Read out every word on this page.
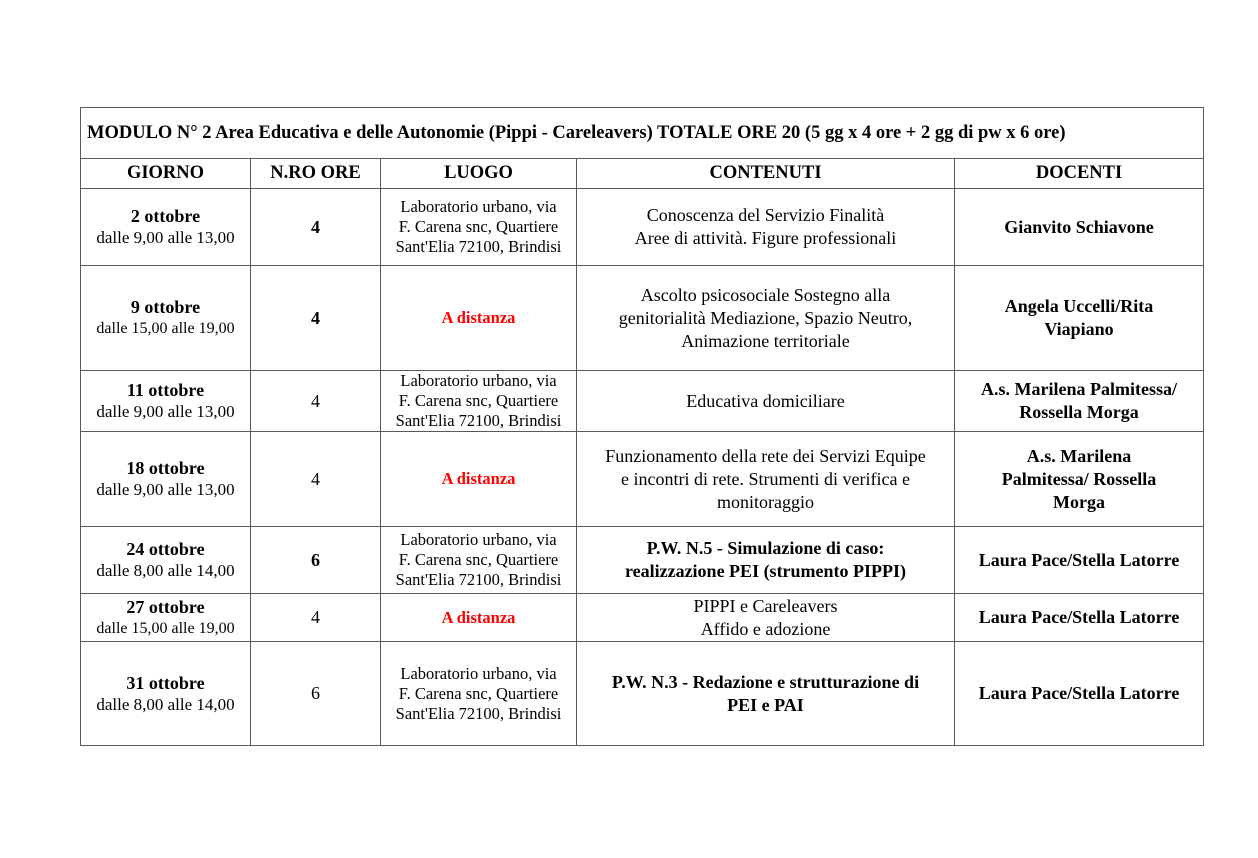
MODULO N° 2 Area Educativa e delle Autonomie (Pippi - Careleavers) TOTALE ORE 20 (5 gg x 4 ore + 2 gg di pw x 6 ore)				
GIORNO	N.RO ORE	LUOGO	CONTENUTI	DOCENTI

2 ottobre
dalle 9,00 alle 13,00	4	Laboratorio urbano, via
F. Carena snc, Quartiere
Sant'Elia 72100, Brindisi	Conoscenza del Servizio Finalità
Aree di attività. Figure professionali	Gianvito Schiavone

9 ottobre
dalle 15,00 alle 19,00	4	A distanza	Ascolto psicosociale Sostegno alla
genitorialità Mediazione, Spazio Neutro,
Animazione territoriale	Angela Uccelli/Rita
Viapiano

11 ottobre
dalle 9,00 alle 13,00	4	Laboratorio urbano, via
F. Carena snc, Quartiere
Sant'Elia 72100, Brindisi	Educativa domiciliare	A.s. Marilena Palmitessa/
Rossella Morga

18 ottobre
dalle 9,00 alle 13,00	4	A distanza	Funzionamento della rete dei Servizi Equipe
e incontri di rete. Strumenti di verifica e
monitoraggio	A.s. Marilena
Palmitessa/ Rossella
Morga

24 ottobre
dalle 8,00 alle 14,00	6	Laboratorio urbano, via
F. Carena snc, Quartiere
Sant'Elia 72100, Brindisi	P.W. N.5 - Simulazione di caso:
realizzazione PEI (strumento PIPPI)	Laura Pace/Stella Latorre

27 ottobre
dalle 15,00 alle 19,00	4	A distanza	PIPPI e Careleavers
Affido e adozione	Laura Pace/Stella Latorre

31 ottobre
dalle 8,00 alle 14,00	6	Laboratorio urbano, via
F. Carena snc, Quartiere
Sant'Elia 72100, Brindisi	P.W. N.3 - Redazione e strutturazione di
PEI e PAI	Laura Pace/Stella Latorre
